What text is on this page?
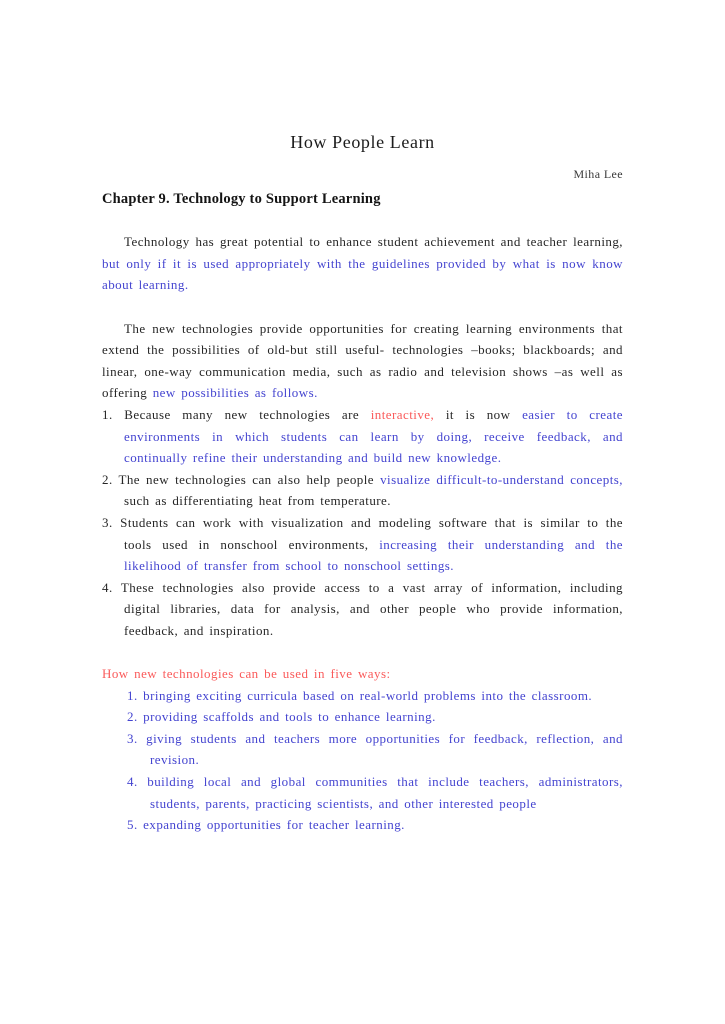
How People Learn
Miha Lee
Chapter 9. Technology to Support Learning
Technology has great potential to enhance student achievement and teacher learning, but only if it is used appropriately with the guidelines provided by what is now know about learning.
The new technologies provide opportunities for creating learning environments that extend the possibilities of old-but still useful- technologies –books; blackboards; and linear, one-way communication media, such as radio and television shows –as well as offering new possibilities as follows.
1. Because many new technologies are interactive, it is now easier to create environments in which students can learn by doing, receive feedback, and continually refine their understanding and build new knowledge.
2. The new technologies can also help people visualize difficult-to-understand concepts, such as differentiating heat from temperature.
3. Students can work with visualization and modeling software that is similar to the tools used in nonschool environments, increasing their understanding and the likelihood of transfer from school to nonschool settings.
4. These technologies also provide access to a vast array of information, including digital libraries, data for analysis, and other people who provide information, feedback, and inspiration.
How new technologies can be used in five ways:
1. bringing exciting curricula based on real-world problems into the classroom.
2. providing scaffolds and tools to enhance learning.
3. giving students and teachers more opportunities for feedback, reflection, and revision.
4. building local and global communities that include teachers, administrators, students, parents, practicing scientists, and other interested people
5. expanding opportunities for teacher learning.
